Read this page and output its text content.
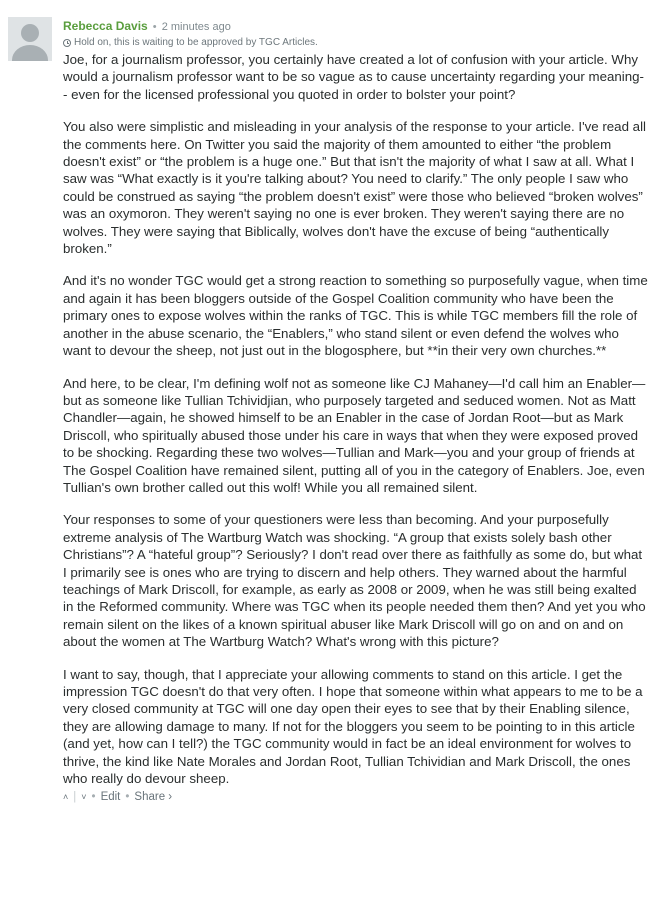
Rebecca Davis • 2 minutes ago
Hold on, this is waiting to be approved by TGC Articles.

Joe, for a journalism professor, you certainly have created a lot of confusion with your article. Why would a journalism professor want to be so vague as to cause uncertainty regarding your meaning-- even for the licensed professional you quoted in order to bolster your point?

You also were simplistic and misleading in your analysis of the response to your article. I've read all the comments here. On Twitter you said the majority of them amounted to either “the problem doesn't exist” or “the problem is a huge one.” But that isn't the majority of what I saw at all. What I saw was “What exactly is it you're talking about? You need to clarify.” The only people I saw who could be construed as saying “the problem doesn't exist” were those who believed “broken wolves” was an oxymoron. They weren't saying no one is ever broken. They weren't saying there are no wolves. They were saying that Biblically, wolves don't have the excuse of being “authentically broken.”

And it's no wonder TGC would get a strong reaction to something so purposefully vague, when time and again it has been bloggers outside of the Gospel Coalition community who have been the primary ones to expose wolves within the ranks of TGC. This is while TGC members fill the role of another in the abuse scenario, the “Enablers,” who stand silent or even defend the wolves who want to devour the sheep, not just out in the blogosphere, but **in their very own churches.**

And here, to be clear, I'm defining wolf not as someone like CJ Mahaney—I'd call him an Enabler—but as someone like Tullian Tchividjian, who purposely targeted and seduced women. Not as Matt Chandler—again, he showed himself to be an Enabler in the case of Jordan Root—but as Mark Driscoll, who spiritually abused those under his care in ways that when they were exposed proved to be shocking. Regarding these two wolves—Tullian and Mark—you and your group of friends at The Gospel Coalition have remained silent, putting all of you in the category of Enablers. Joe, even Tullian's own brother called out this wolf! While you all remained silent.

Your responses to some of your questioners were less than becoming. And your purposefully extreme analysis of The Wartburg Watch was shocking. “A group that exists solely bash other Christians”? A “hateful group”? Seriously? I don't read over there as faithfully as some do, but what I primarily see is ones who are trying to discern and help others. They warned about the harmful teachings of Mark Driscoll, for example, as early as 2008 or 2009, when he was still being exalted in the Reformed community. Where was TGC when its people needed them then? And yet you who remain silent on the likes of a known spiritual abuser like Mark Driscoll will go on and on and on about the women at The Wartburg Watch? What's wrong with this picture?

I want to say, though, that I appreciate your allowing comments to stand on this article. I get the impression TGC doesn't do that very often. I hope that someone within what appears to me to be a very closed community at TGC will one day open their eyes to see that by their Enabling silence, they are allowing damage to many. If not for the bloggers you seem to be pointing to in this article (and yet, how can I tell?) the TGC community would in fact be an ideal environment for wolves to thrive, the kind like Nate Morales and Jordan Root, Tullian Tchividian and Mark Driscoll, the ones who really do devour sheep.

˄ | ˅ • Edit • Share ›
